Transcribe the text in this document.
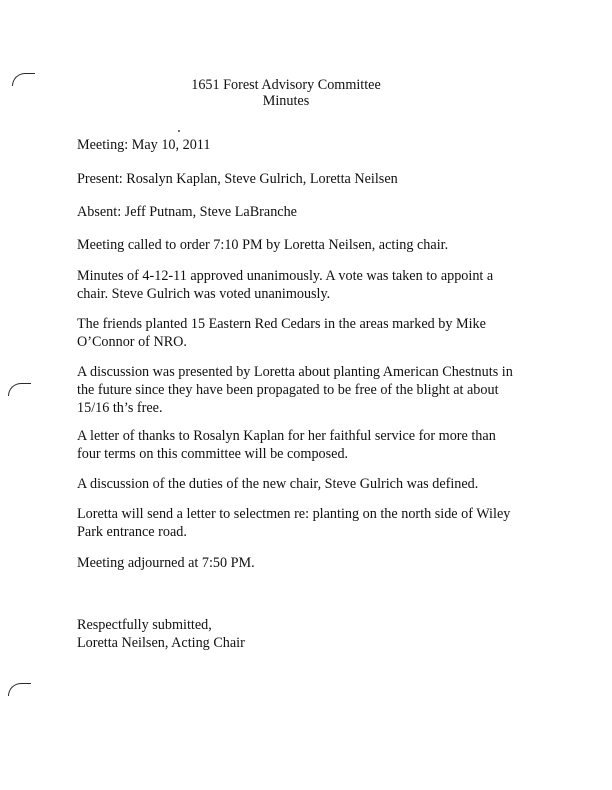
1651 Forest Advisory Committee
Minutes

Meeting: May 10, 2011

Present: Rosalyn Kaplan, Steve Gulrich, Loretta Neilsen

Absent: Jeff Putnam, Steve LaBranche

Meeting called to order 7:10 PM by Loretta Neilsen, acting chair.

Minutes of 4-12-11 approved unanimously. A vote was taken to appoint a
chair. Steve Gulrich was voted unanimously.

The friends planted 15 Eastern Red Cedars in the areas marked by Mike
O’Connor of NRO.

A discussion was presented by Loretta about planting American Chestnuts in
the future since they have been propagated to be free of the blight at about
15/16 th’s free.

A letter of thanks to Rosalyn Kaplan for her faithful service for more than
four terms on this committee will be composed.

A discussion of the duties of the new chair, Steve Gulrich was defined.

Loretta will send a letter to selectmen re: planting on the north side of Wiley
Park entrance road.

Meeting adjourned at 7:50 PM.

Respectfully submitted,
Loretta Neilsen, Acting Chair
